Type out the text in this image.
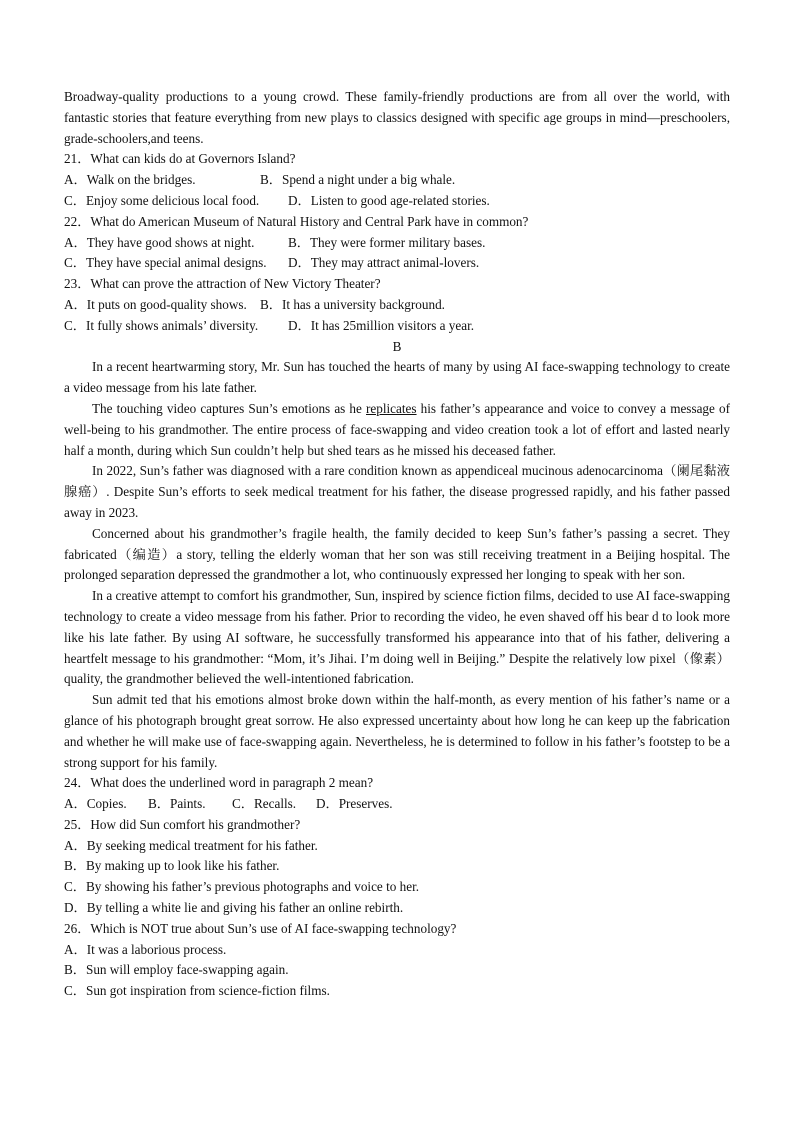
Broadway-quality productions to a young crowd. These family-friendly productions are from all over the world, with fantastic stories that feature everything from new plays to classics designed with specific age groups in mind—preschoolers, grade-schoolers,and teens.

21．What can kids do at Governors Island?

A．Walk on the bridges.	B．Spend a night under a big whale.
C．Enjoy some delicious local food.	D．Listen to good age-related stories.

22．What do American Museum of Natural History and Central Park have in common?

A．They have good shows at night.	B．They were former military bases.
C．They have special animal designs.	D．They may attract animal-lovers.

23．What can prove the attraction of New Victory Theater?

A．It puts on good-quality shows.	B．It has a university background.
C．It fully shows animals’ diversity.	D．It has 25million visitors a year.

B

In a recent heartwarming story, Mr. Sun has touched the hearts of many by using AI face-swapping technology to create a video message from his late father.

The touching video captures Sun’s emotions as he replicates his father’s appearance and voice to convey a message of well-being to his grandmother. The entire process of face-swapping and video creation took a lot of effort and lasted nearly half a month, during which Sun couldn’t help but shed tears as he missed his deceased father.

In 2022, Sun’s father was diagnosed with a rare condition known as appendiceal mucinous adenocarcinoma（阑尾黏液腺癌）. Despite Sun’s efforts to seek medical treatment for his father, the disease progressed rapidly, and his father passed away in 2023.

Concerned about his grandmother’s fragile health, the family decided to keep Sun’s father’s passing a secret. They fabricated（编造）a story, telling the elderly woman that her son was still receiving treatment in a Beijing hospital. The prolonged separation depressed the grandmother a lot, who continuously expressed her longing to speak with her son.

In a creative attempt to comfort his grandmother, Sun, inspired by science fiction films, decided to use AI face-swapping technology to create a video message from his father. Prior to recording the video, he even shaved off his bear d to look more like his late father. By using AI software, he successfully transformed his appearance into that of his father, delivering a heartfelt message to his grandmother: “Mom, it’s Jihai. I’m doing well in Beijing.” Despite the relatively low pixel（像素）quality, the grandmother believed the well-intentioned fabrication.

Sun admit ted that his emotions almost broke down within the half-month, as every mention of his father’s name or a glance of his photograph brought great sorrow. He also expressed uncertainty about how long he can keep up the fabrication and whether he will make use of face-swapping again. Nevertheless, he is determined to follow in his father’s footstep to be a strong support for his family.

24．What does the underlined word in paragraph 2 mean?

A．Copies.	B．Paints.	C．Recalls.	D．Preserves.

25．How did Sun comfort his grandmother?

A．By seeking medical treatment for his father.

B．By making up to look like his father.

C．By showing his father’s previous photographs and voice to her.

D．By telling a white lie and giving his father an online rebirth.

26．Which is NOT true about Sun’s use of AI face-swapping technology?

A．It was a laborious process.

B．Sun will employ face-swapping again.

C．Sun got inspiration from science-fiction films.
